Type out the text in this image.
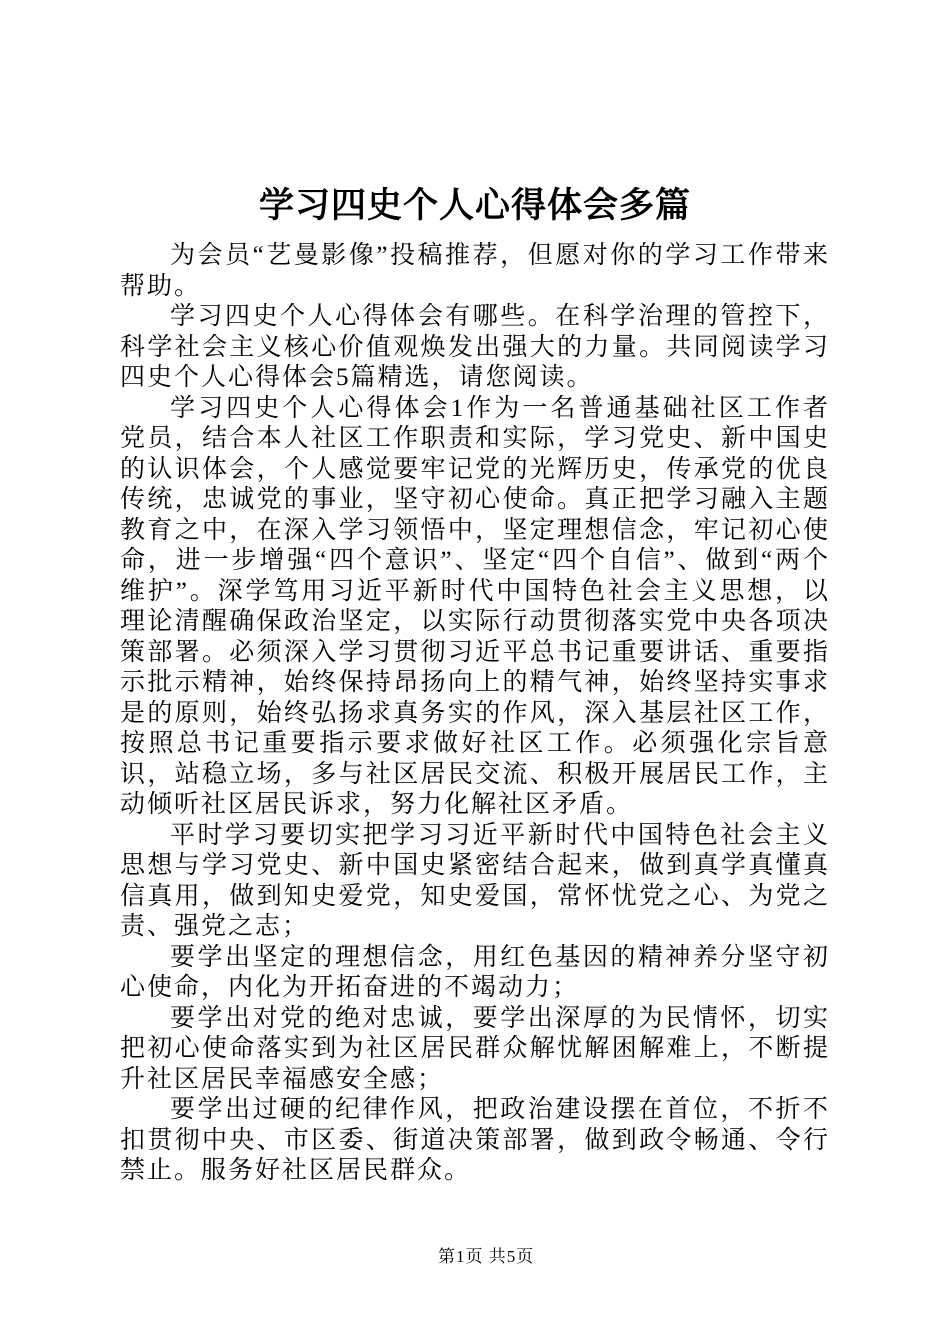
学习四史个人心得体会多篇

为会员“艺曼影像”投稿推荐，但愿对你的学习工作带来帮助。

学习四史个人心得体会有哪些。在科学治理的管控下，科学社会主义核心价值观焕发出强大的力量。共同阅读学习四史个人心得体会5篇精选，请您阅读。

学习四史个人心得体会1作为一名普通基础社区工作者党员，结合本人社区工作职责和实际，学习党史、新中国史的认识体会，个人感觉要牢记党的光辉历史，传承党的优良传统，忠诚党的事业，坚守初心使命。真正把学习融入主题教育之中，在深入学习领悟中，坚定理想信念，牢记初心使命，进一步增强“四个意识”、坚定“四个自信”、做到“两个维护”。深学笃用习近平新时代中国特色社会主义思想，以理论清醒确保政治坚定，以实际行动贯彻落实党中央各项决策部署。必须深入学习贯彻习近平总书记重要讲话、重要指示批示精神，始终保持昂扬向上的精气神，始终坚持实事求是的原则，始终弘扬求真务实的作风，深入基层社区工作，按照总书记重要指示要求做好社区工作。必须强化宗旨意识，站稳立场，多与社区居民交流、积极开展居民工作，主动倾听社区居民诉求，努力化解社区矛盾。

平时学习要切实把学习习近平新时代中国特色社会主义思想与学习党史、新中国史紧密结合起来，做到真学真懂真信真用，做到知史爱党，知史爱国，常怀忧党之心、为党之责、强党之志；

要学出坚定的理想信念，用红色基因的精神养分坚守初心使命，内化为开拓奋进的不竭动力；

要学出对党的绝对忠诚，要学出深厚的为民情怀，切实把初心使命落实到为社区居民群众解忧解困解难上，不断提升社区居民幸福感安全感；

要学出过硬的纪律作风，把政治建设摆在首位，不折不扣贯彻中央、市区委、街道决策部署，做到政令畅通、令行禁止。服务好社区居民群众。

第1页 共5页
